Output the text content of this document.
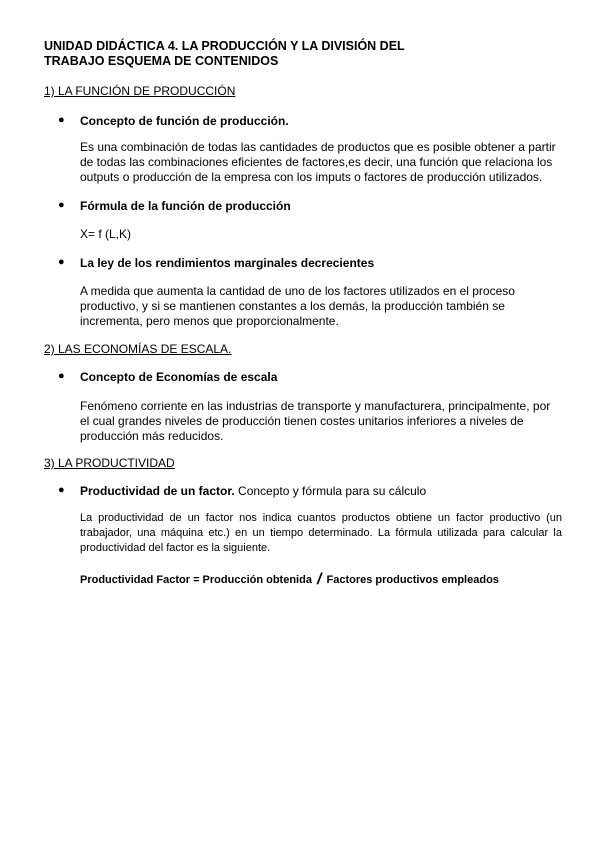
UNIDAD DIDÁCTICA 4. LA PRODUCCIÓN Y LA DIVISIÓN DEL
TRABAJO ESQUEMA DE CONTENIDOS
1) LA FUNCIÓN DE PRODUCCIÓN
● Concepto de función de producción.
Es una combinación de todas las cantidades de productos que es posible obtener a partir
de todas las combinaciones eficientes de factores,es decir, una función que relaciona los
outputs o producción de la empresa con los imputs o factores de producción utilizados.
● Fórmula de la función de producción
X= f (L,K)
● La ley de los rendimientos marginales decrecientes
A medida que aumenta la cantidad de uno de los factores utilizados en el proceso
productivo, y si se mantienen constantes a los demás, la producción también se
incrementa, pero menos que proporcionalmente.
2) LAS ECONOMÍAS DE ESCALA.
● Concepto de Economías de escala
Fenómeno corriente en las industrias de transporte y manufacturera, principalmente, por
el cual grandes niveles de producción tienen costes unitarios inferiores a niveles de
producción más reducidos.
3) LA PRODUCTIVIDAD
● Productividad de un factor. Concepto y fórmula para su cálculo
La productividad de un factor nos indica cuantos productos obtiene un factor productivo (un trabajador, una máquina etc.) en un tiempo determinado. La fórmula utilizada para calcular la productividad del factor es la siguiente.
Productividad Factor = Producción obtenida / Factores productivos empleados
